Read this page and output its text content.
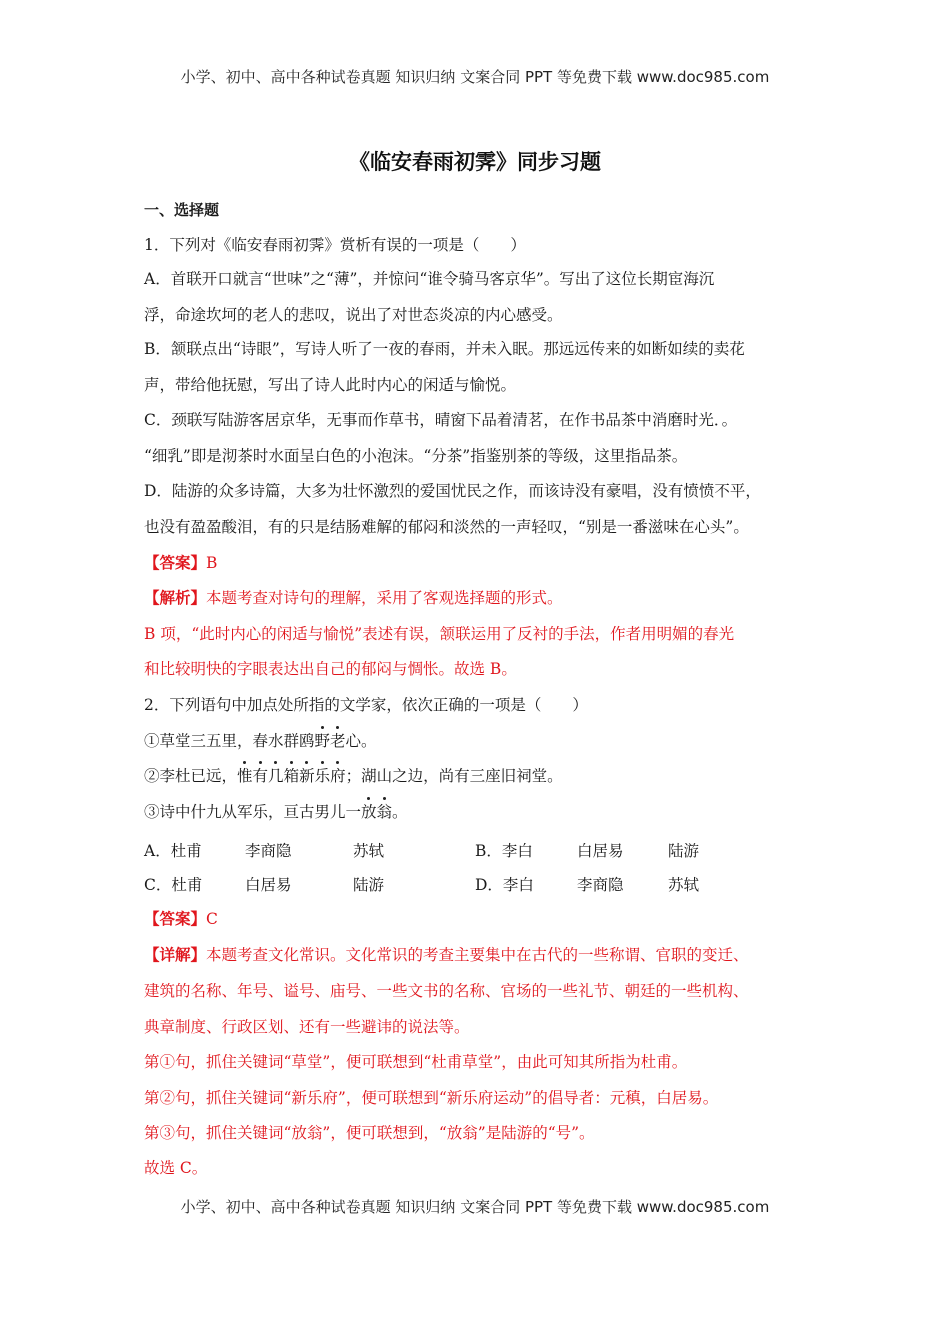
小学、初中、高中各种试卷真题 知识归纳 文案合同 PPT 等免费下载 www.doc985.com
《临安春雨初霁》同步习题
一、选择题
1．下列对《临安春雨初霁》赏析有误的一项是（　　）
A．首联开口就言“世味”之“薄”，并惊问“谁令骑马客京华”。写出了这位长期宦海沉
浮，命途坎坷的老人的悲叹，说出了对世态炎凉的内心感受。
B．颔联点出“诗眼”，写诗人听了一夜的春雨，并未入眠。那远远传来的如断如续的卖花
声，带给他抚慰，写出了诗人此时内心的闲适与愉悦。
C．颈联写陆游客居京华，无事而作草书，晴窗下品着清茗，在作书品茶中消磨时光．。
“细乳”即是沏茶时水面呈白色的小泡沫。“分茶”指鉴别茶的等级，这里指品茶。
D．陆游的众多诗篇，大多为壮怀激烈的爱国忧民之作，而该诗没有豪唱，没有愤愤不平，
也没有盈盈酸泪，有的只是结肠难解的郁闷和淡然的一声轻叹，“别是一番滋味在心头”。
【答案】B
【解析】本题考查对诗句的理解，采用了客观选择题的形式。
B 项，“此时内心的闲适与愉悦”表述有误，颔联运用了反衬的手法，作者用明媚的春光
和比较明快的字眼表达出自己的郁闷与惆怅。故选 B。
2．下列语句中加点处所指的文学家，依次正确的一项是（　　）
①草堂三五里，春水群鸥野老心。
②李杜已远，惟有几箱新乐府；湖山之边，尚有三座旧祠堂。
③诗中什九从军乐，亘古男儿一放翁。
A．杜甫	李商隐	苏轼	B．李白	白居易	陆游
C．杜甫	白居易	陆游	D．李白	李商隐	苏轼
【答案】C
【详解】本题考查文化常识。文化常识的考查主要集中在古代的一些称谓、官职的变迁、
建筑的名称、年号、谥号、庙号、一些文书的名称、官场的一些礼节、朝廷的一些机构、
典章制度、行政区划、还有一些避讳的说法等。
第①句，抓住关键词“草堂”，便可联想到“杜甫草堂”，由此可知其所指为杜甫。
第②句，抓住关键词“新乐府”，便可联想到“新乐府运动”的倡导者：元稹，白居易。
第③句，抓住关键词“放翁”，便可联想到，“放翁”是陆游的“号”。
故选 C。
小学、初中、高中各种试卷真题 知识归纳 文案合同 PPT 等免费下载 www.doc985.com
